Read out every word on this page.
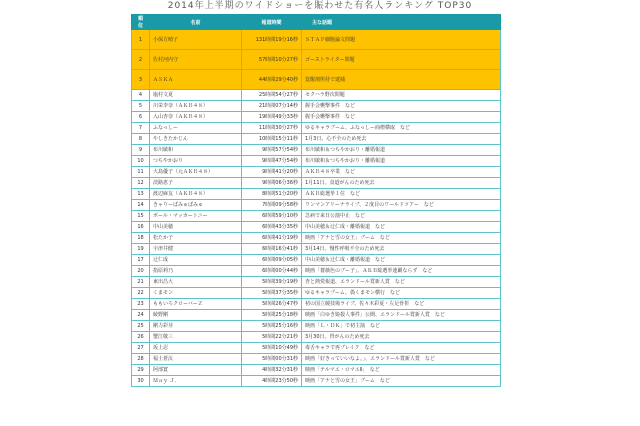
2014年上半期のワイドショーを賑わせた有名人ランキング TOP30
順位	名前	報道時間	主な話題
1	小保方晴子	131時間19分16秒	ＳＴＡＰ細胞論文問題
2	佐村河内守	57時間10分27秒	ゴーストライター問題
3	ＡＳＫＡ	44時間29分40秒	覚醒剤所持で逮捕
4	塩村文夏	25時間54分27秒	セクハラ野次問題
5	川栄李奈（ＡＫＢ４８）	21時間07分14秒	握手会襲撃事件　など
6	入山杏奈（ＡＫＢ４８）	19時間49分33秒	握手会襲撃事件　など
7	ふなっしー	11時間30分27秒	ゆるキャラブーム、ふなっしー商標横取　など
8	やしきたかじん	10時間15分11秒	1月3日、心不全のため死去
9	布川敏和	9時間57分54秒	布川敏和＆つちやかおり・離婚報道
10	つちやかおり	9時間47分54秒	布川敏和＆つちやかおり・離婚報道
11	大島優子（元ＡＫＢ４８）	9時間41分20秒	ＡＫＢ４８卒業　など
12	淡路恵子	9時間06分36秒	1月11日、食道がんのため死去
13	渡辺麻友（ＡＫＢ４８）	8時間51分20秒	ＡＫＢ総選挙１位　など
14	きゃりーぱみゅぱみゅ	7時間09分58秒	ワンマンアリーナライブ、２度目のワールドツアー　など
15	ポール・マッカートニー	6時間59分10秒	急病で来日公演中止　など
16	中山美穂	6時間43分35秒	中山美穂＆辻仁成・離婚報道　など
18	松たか子	6時間41分19秒	映画「アナと雪の女王」ブーム　など
19	宇津井健	6時間16分41秒	3月14日、慢性呼吸不全のため死去
17	辻仁成	6時間09分05秒	中山美穂＆辻仁成・離婚報道　など
20	指原莉乃	6時間00分44秒	映画「薔薇色のブー子」、ＡＫＢ総選挙連覇ならず　など
21	東出昌大	5時間39分19秒	杏と熱愛報道、エランドール賞新人賞　など
22	くまモン	5時間37分35秒	ゆるキャラブーム、偽くまモン横行　など
23	ももいろクローバーＺ	5時間26分47秒	初の国立競技場ライブ、佐々木彩夏・左足骨折　など
24	綾野剛	5時間25分18秒	映画「白ゆき姫殺人事件」公開、エランドール賞新人賞　など
25	剛力彩芽	5時間25分16秒	映画「Ｌ・ＤＫ」で初主演　など
26	蟹江敬三	5時間22分21秒	3月30日、胃がんのため死去
27	坂上忍	5時間10分49秒	毒舌キャラで再ブレイク　など
28	福士蒼汰	5時間00分31秒	映画「好きっていいなよ。」、エランドール賞新人賞　など
29	阿部寛	4時間32分31秒	映画「テルマエ・ロマエⅡ」　など
30	Ｍａｙ Ｊ．	4時間23分50秒	映画「アナと雪の女王」ブーム　など
